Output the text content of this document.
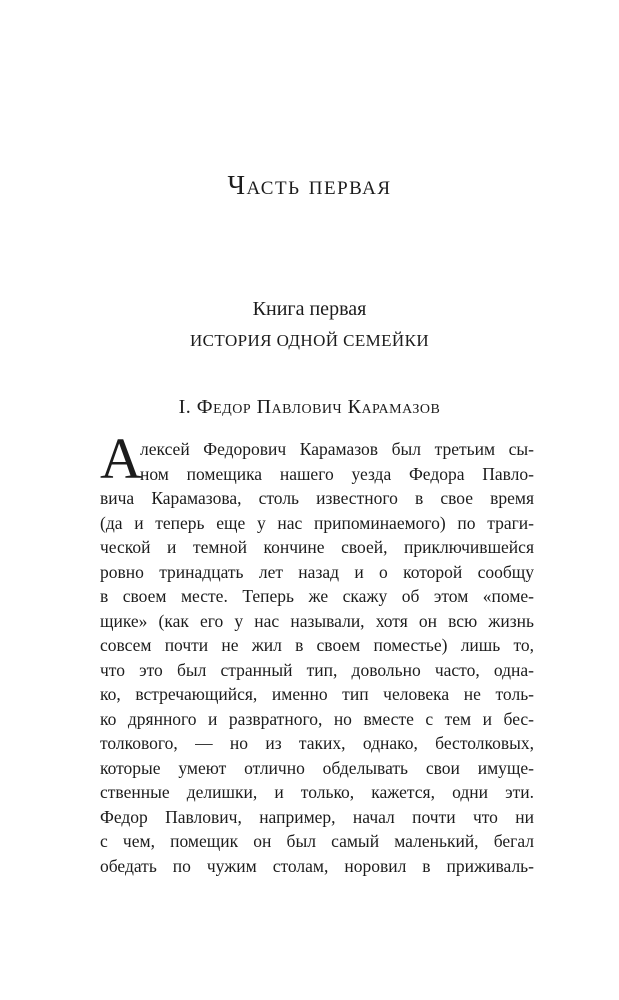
Часть первая
Книга первая
ИСТОРИЯ ОДНОЙ СЕМЕЙКИ
I. Федор Павлович Карамазов
А
лексей Федорович Карамазов был третьим сы-
ном помещика нашего уезда Федора Павло-
вича Карамазова, столь известного в свое время
(да и теперь еще у нас припоминаемого) по траги-
ческой и темной кончине своей, приключившейся
ровно тринадцать лет назад и о которой сообщу
в своем месте. Теперь же скажу об этом «поме-
щике» (как его у нас называли, хотя он всю жизнь
совсем почти не жил в своем поместье) лишь то,
что это был странный тип, довольно часто, одна-
ко, встречающийся, именно тип человека не толь-
ко дрянного и развратного, но вместе с тем и бес-
толкового, — но из таких, однако, бестолковых,
которые умеют отлично обделывать свои имуще-
ственные делишки, и только, кажется, одни эти.
Федор Павлович, например, начал почти что ни
с чем, помещик он был самый маленький, бегал
обедать по чужим столам, норовил в приживаль-
